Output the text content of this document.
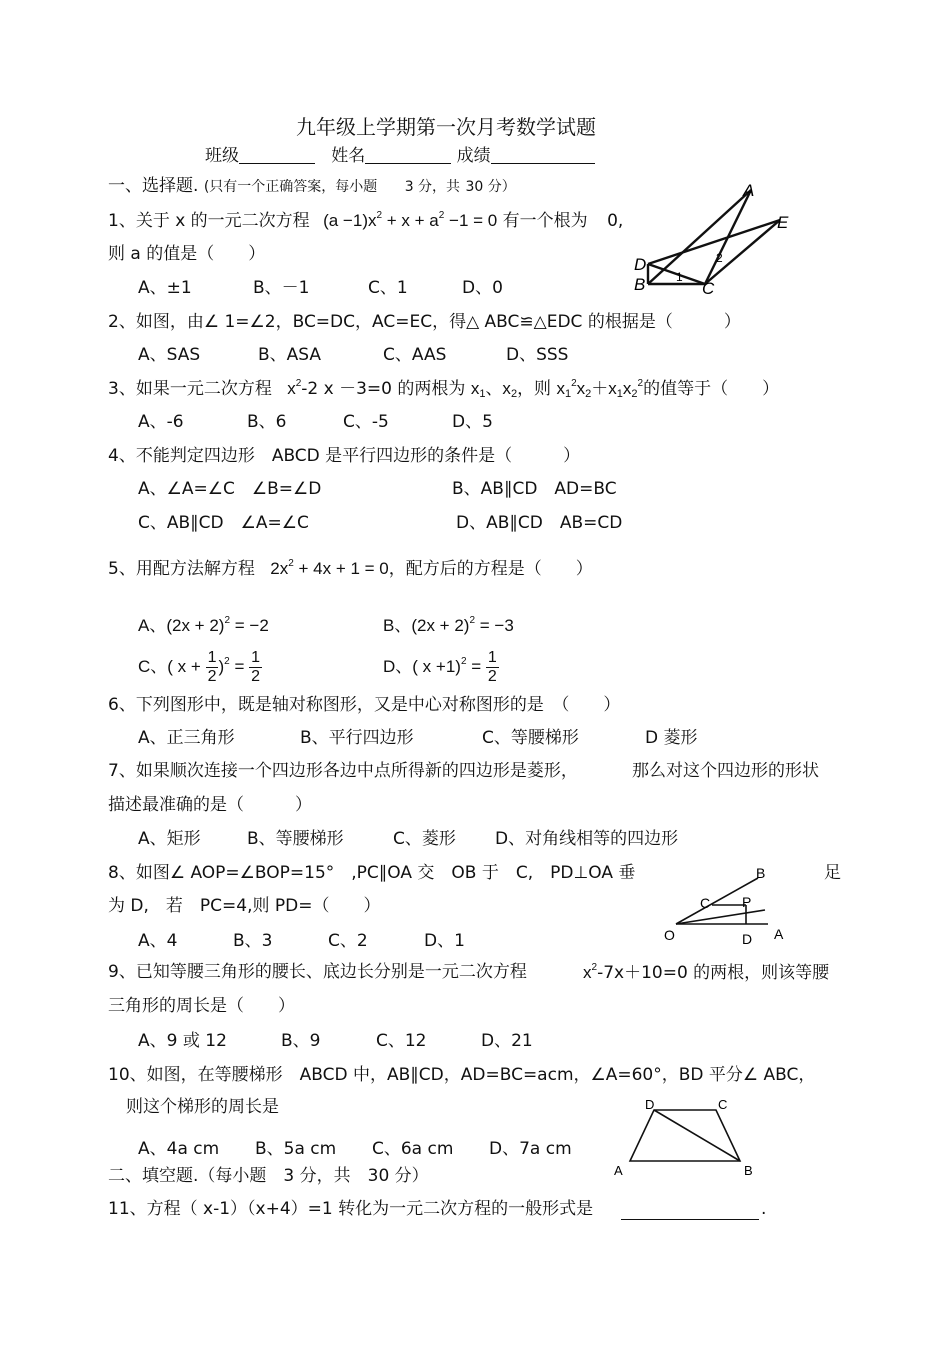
九年级上学期第一次月考数学试题
班级	姓名	成绩
一、选择题. (只有一个正确答案，每小题 3 分，共 30 分）
1、关于 x 的一元二次方程 $(a -1)x^2 + x + a^2 -1 = 0$ 有一个根为 0,
则 a 的值是（　　）
A、±1	B、－1	C、1	D、0
A
E
D
B	C
1
2
2、如图，由∠ 1=∠2，BC=DC，AC=EC，得△ ABC≌△EDC 的根据是（　　　）
A、SAS	B、ASA	C、AAS	D、SSS
3、如果一元二次方程 $x^2-2$ x －3=0 的两根为 $x_1$、$x_2$，则 $x_1^2x_2+x_1x_2^2$的值等于（　　）
A、-6	B、6	C、-5	D、5
4、不能判定四边形　ABCD 是平行四边形的条件是（　　　）
A、∠A=∠C　∠B=∠D	B、AB∥CD　AD=BC
C、AB∥CD　∠A=∠C	D、AB∥CD　AB=CD
5、用配方法解方程 $2x^2 + 4x + 1 = 0$，配方后的方程是（　　）
A、$(2x + 2)^2 = -2$	B、$(2x + 2)^2 = -3$
C、( $x + \frac{1}{2} )^2 = \frac{1}{2}$	D、( $x +1)^2 = \frac{1}{2}$
6、下列图形中，既是轴对称图形，又是中心对称图形的是　（　　）
A、正三角形	B、平行四边形	C、等腰梯形	D 菱形
7、如果顺次连接一个四边形各边中点所得新的四边形是菱形，	那么对这个四边形的形状
描述最准确的是（　　　）
A、矩形	B、等腰梯形	C、菱形 D、对角线相等的四边形
8、如图∠ AOP=∠BOP=15°　,PC∥OA 交　OB 于　C,　PD⊥OA 垂	足
为 D,　若　PC=4,则 PD=（　　）
A、4	B、3	C、2	D、1
B
C P
O	D A
9、已知等腰三角形的腰长、底边长分别是一元二次方程	$x^2-7x+10=0$ 的两根，则该等腰
三角形的周长是（　　）
A、9 或 12	B、9	C、12	D、21
10、如图，在等腰梯形　ABCD 中，AB∥CD，AD=BC=acm，∠A=60°，BD 平分∠ ABC，
则这个梯形的周长是
A、4a cm B、5a cm C、6a cm D、7a cm
D	C
A	B
二、填空题.（每小题　3 分，共　30 分）
11、方程（ x-1）（x+4）=1 转化为一元二次方程的一般形式是	.
